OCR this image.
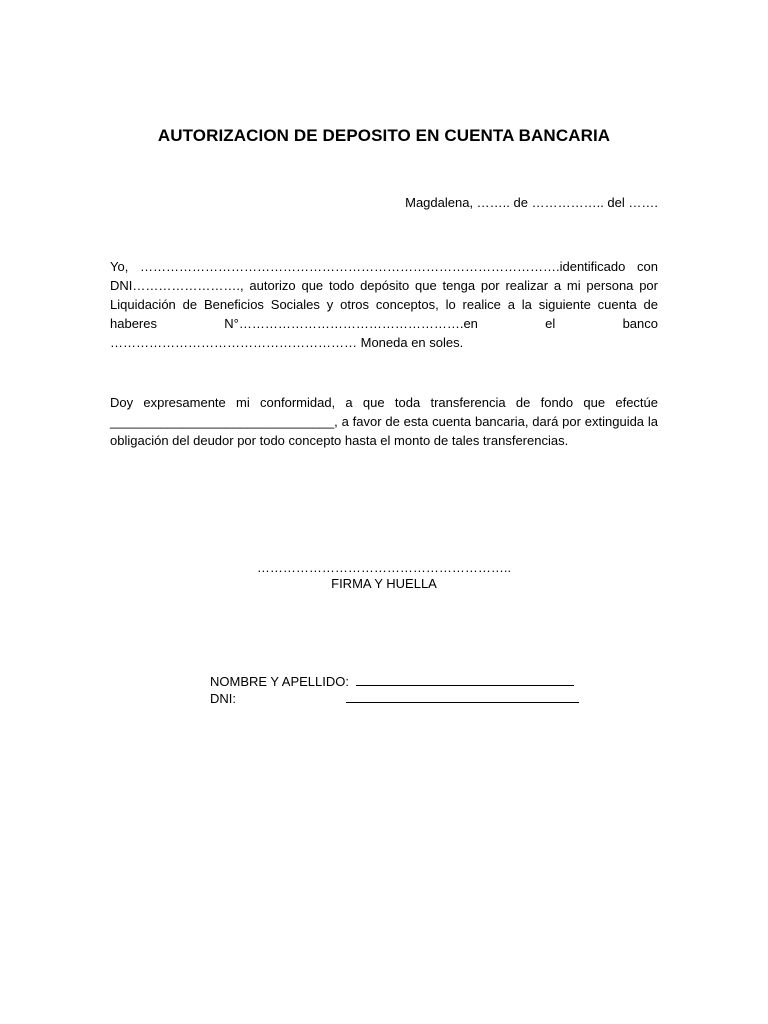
AUTORIZACION DE DEPOSITO EN CUENTA BANCARIA
Magdalena, …….. de …………….. del …….
Yo, …………………………………………………………………………………….identificado con DNI……………………., autorizo que todo depósito que tenga por realizar a mi persona por Liquidación de Beneficios Sociales y otros conceptos, lo realice a la siguiente cuenta de haberes N°…………………………………………….en el banco ………………………………………………… Moneda en soles.
Doy expresamente mi conformidad, a que toda transferencia de fondo que efectúe _______________________________, a favor de esta cuenta bancaria, dará por extinguida la obligación del deudor por todo concepto hasta el monto de tales transferencias.
…………………………………………………..
FIRMA Y HUELLA
NOMBRE Y APELLIDO:
DNI:
